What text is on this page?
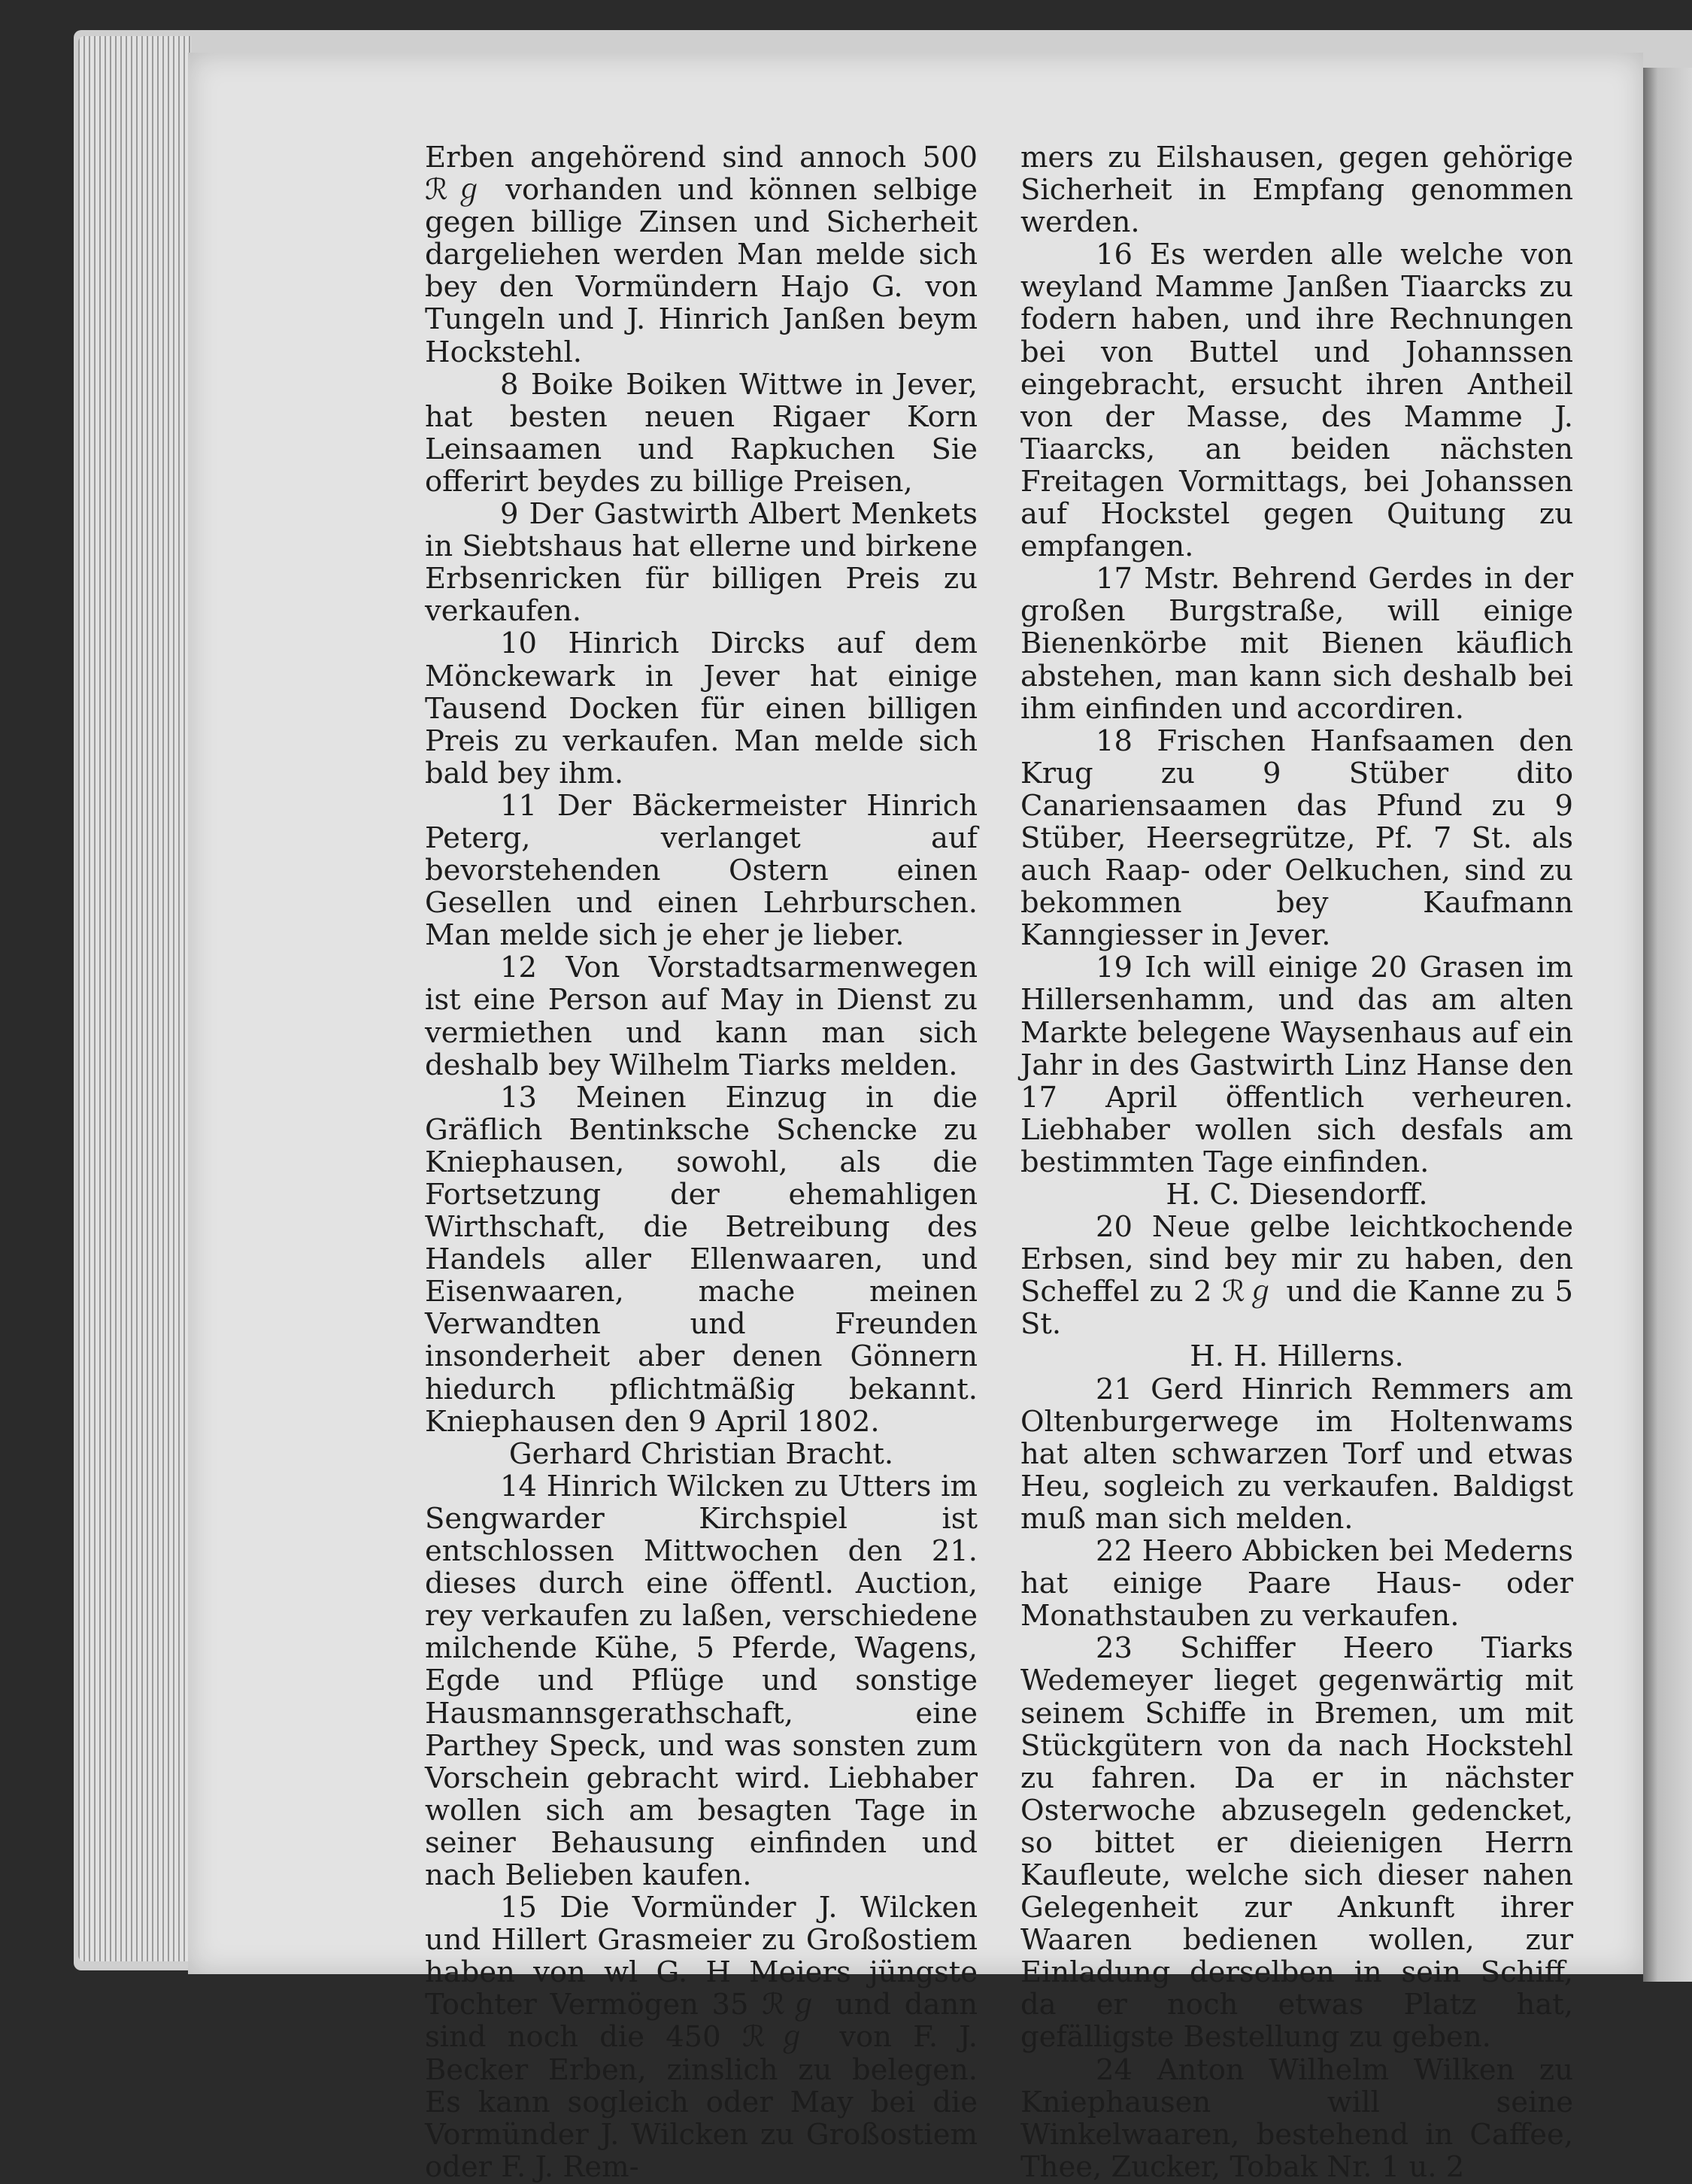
Erben angehörend sind annoch 500 ℛℊ vorhanden und können selbige gegen billige Zinsen und Sicherheit dargeliehen werden Man melde sich bey den Vormündern Hajo G. von Tungeln und J. Hinrich Janßen beym Hockstehl.

8 Boike Boiken Wittwe in Jever, hat besten neuen Rigaer Korn Leinsaamen und Rapkuchen Sie offerirt beydes zu billige Preisen,

9 Der Gastwirth Albert Menkets in Siebtshaus hat ellerne und birkene Erbsenricken für billigen Preis zu verkaufen.

10 Hinrich Dircks auf dem Mönckewark in Jever hat einige Tausend Docken für einen billigen Preis zu verkaufen. Man melde sich bald bey ihm.

11 Der Bäckermeister Hinrich Peterg, verlanget auf bevorstehenden Ostern einen Gesellen und einen Lehrburschen. Man melde sich je eher je lieber.

12 Von Vorstadtsarmenwegen ist eine Person auf May in Dienst zu vermiethen und kann man sich deshalb bey Wilhelm Tiarks melden.

13 Meinen Einzug in die Gräflich Bentinksche Schencke zu Kniephausen, sowohl, als die Fortsetzung der ehemahligen Wirthschaft, die Betreibung des Handels aller Ellenwaaren, und Eisenwaaren, mache meinen Verwandten und Freunden insonderheit aber denen Gönnern hiedurch pflichtmäßig bekannt. Kniephausen den 9 April 1802.

Gerhard Christian Bracht.

14 Hinrich Wilcken zu Utters im Sengwarder Kirchspiel ist entschlossen Mittwochen den 21. dieses durch eine öffentl. Auction, rey verkaufen zu laßen, verschiedene milchende Kühe, 5 Pferde, Wagens, Egde und Pflüge und sonstige Hausmannsgerathschaft, eine Parthey Speck, und was sonsten zum Vorschein gebracht wird. Liebhaber wollen sich am besagten Tage in seiner Behausung einfinden und nach Belieben kaufen.

15 Die Vormünder J. Wilcken und Hillert Grasmeier zu Großostiem haben von wl G. H Meiers jüngste Tochter Vermögen 35 ℛℊ und dann sind noch die 450 ℛℊ von F. J. Becker Erben, zinslich zu belegen. Es kann sogleich oder May bei die Vormünder J. Wilcken zu Großostiem oder F. J. Rem-

mers zu Eilshausen, gegen gehörige Sicherheit in Empfang genommen werden.

16 Es werden alle welche von weyland Mamme Janßen Tiaarcks zu fodern haben, und ihre Rechnungen bei von Buttel und Johannssen eingebracht, ersucht ihren Antheil von der Masse, des Mamme J. Tiaarcks, an beiden nächsten Freitagen Vormittags, bei Johanssen auf Hockstel gegen Quitung zu empfangen.

17 Mstr. Behrend Gerdes in der großen Burgstraße, will einige Bienenkörbe mit Bienen käuflich abstehen, man kann sich deshalb bei ihm einfinden und accordiren.

18 Frischen Hanfsaamen den Krug zu 9 Stüber dito Canariensaamen das Pfund zu 9 Stüber, Heersegrütze, Pf. 7 St. als auch Raap- oder Oelkuchen, sind zu bekommen bey Kaufmann Kanngiesser in Jever.

19 Ich will einige 20 Grasen im Hillersenhamm, und das am alten Markte belegene Waysenhaus auf ein Jahr in des Gastwirth Linz Hanse den 17 April öffentlich verheuren. Liebhaber wollen sich desfals am bestimmten Tage einfinden.

H. C. Diesendorff.

20 Neue gelbe leichtkochende Erbsen, sind bey mir zu haben, den Scheffel zu 2 ℛℊ und die Kanne zu 5 St.

H. H. Hillerns.

21 Gerd Hinrich Remmers am Oltenburgerwege im Holtenwams hat alten schwarzen Torf und etwas Heu, sogleich zu verkaufen. Baldigst muß man sich melden.

22 Heero Abbicken bei Mederns hat einige Paare Haus- oder Monathstauben zu verkaufen.

23 Schiffer Heero Tiarks Wedemeyer lieget gegenwärtig mit seinem Schiffe in Bremen, um mit Stückgütern von da nach Hockstehl zu fahren. Da er in nächster Osterwoche abzusegeln gedencket, so bittet er dieienigen Herrn Kaufleute, welche sich dieser nahen Gelegenheit zur Ankunft ihrer Waaren bedienen wollen, zur Einladung derselben in sein Schiff, da er noch etwas Platz hat, gefälligste Bestellung zu geben.

24 Anton Wilhelm Wilken zu Kniephausen will seine Winkelwaaren, bestehend in Caffee, Thee, Zucker, Tobak Nr. 1 u. 2
